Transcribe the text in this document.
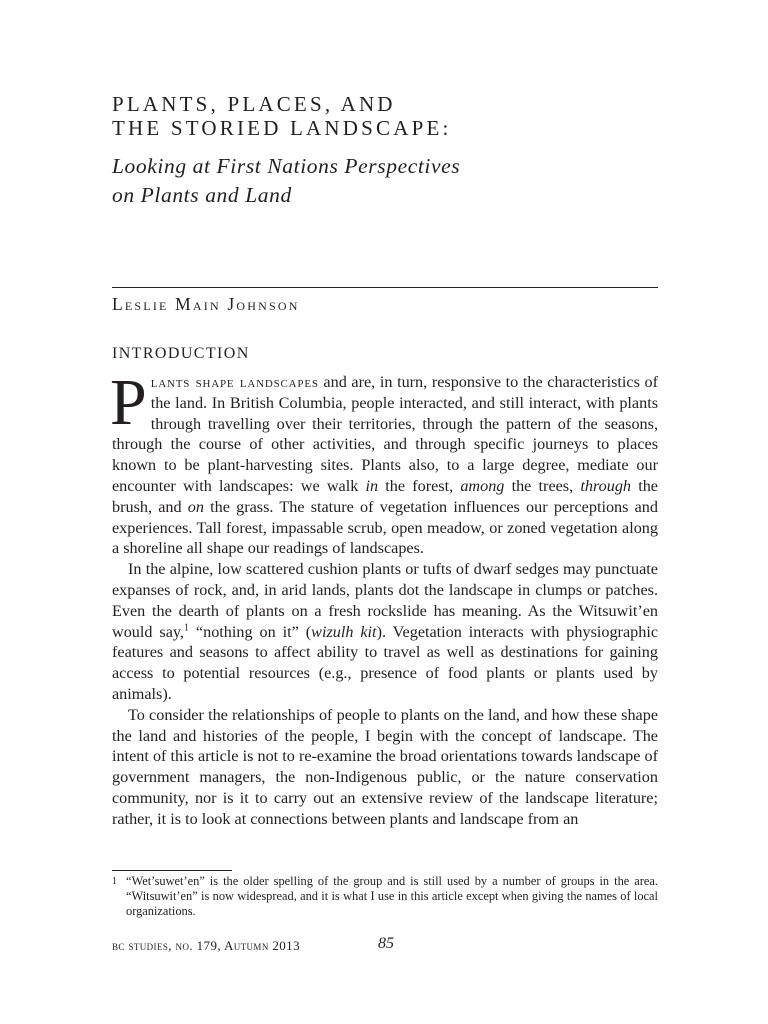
PLANTS, PLACES, AND
THE STORIED LANDSCAPE:
Looking at First Nations Perspectives
on Plants and Land
Leslie Main Johnson
INTRODUCTION

Plants shape landscapes and are, in turn, responsive to the characteristics of the land. In British Columbia, people interacted, and still interact, with plants through travelling over their territories, through the pattern of the seasons, through the course of other activities, and through specific journeys to places known to be plant-harvesting sites. Plants also, to a large degree, mediate our encounter with landscapes: we walk in the forest, among the trees, through the brush, and on the grass. The stature of vegetation influences our perceptions and experiences. Tall forest, impassable scrub, open meadow, or zoned vegetation along a shoreline all shape our readings of landscapes.

In the alpine, low scattered cushion plants or tufts of dwarf sedges may punctuate expanses of rock, and, in arid lands, plants dot the landscape in clumps or patches. Even the dearth of plants on a fresh rockslide has meaning. As the Witsuwit’en would say,$^1$ “nothing on it” (wizulh kit). Vegetation interacts with physiographic features and seasons to affect ability to travel as well as destinations for gaining access to potential resources (e.g., presence of food plants or plants used by animals).

To consider the relationships of people to plants on the land, and how these shape the land and histories of the people, I begin with the concept of landscape. The intent of this article is not to re-examine the broad orientations towards landscape of government managers, the non-Indigenous public, or the nature conservation community, nor is it to carry out an extensive review of the landscape literature; rather, it is to look at connections between plants and landscape from an

1 “Wet’suwet’en” is the older spelling of the group and is still used by a number of groups in the area. “Witsuwit’en” is now widespread, and it is what I use in this article except when giving the names of local organizations.
bc studies, no. 179, Autumn 2013	85
